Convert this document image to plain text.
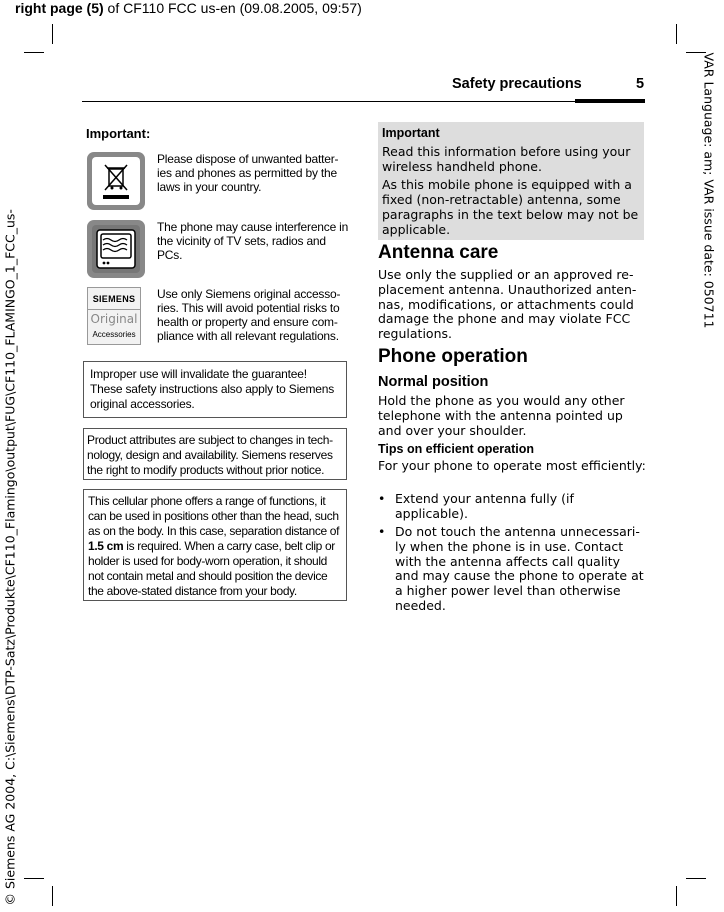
right page (5) of CF110 FCC us-en (09.08.2005, 09:57)
© Siemens AG 2004, C:\Siemens\DTP-Satz\Produkte\CF110_Flamingo\output\FUG\CF110_FLAMINGO_1_FCC_us-
VAR Language: am; VAR issue date: 050711
Safety precautions	5
Important:
Please dispose of unwanted batter-ies and phones as permitted by the laws in your country.
The phone may cause interference in the vicinity of TV sets, radios and PCs.
SIEMENS
Original
Accessories
Use only Siemens original accesso-ries. This will avoid potential risks to health or property and ensure com-pliance with all relevant regulations.
Improper use will invalidate the guarantee! These safety instructions also apply to Siemens original accessories.
Product attributes are subject to changes in tech-nology, design and availability. Siemens reserves the right to modify products without prior notice.
This cellular phone offers a range of functions, it can be used in positions other than the head, such as on the body. In this case, separation distance of 1.5 cm is required. When a carry case, belt clip or holder is used for body-worn operation, it should not contain metal and should position the device the above-stated distance from your body.
Important

Read this information before using your wireless handheld phone.

As this mobile phone is equipped with a fixed (non-retractable) antenna, some paragraphs in the text below may not be applicable.

Antenna care
Use only the supplied or an approved re-placement antenna. Unauthorized anten-nas, modifications, or attachments could damage the phone and may violate FCC regulations.
Phone operation
Normal position
Hold the phone as you would any other telephone with the antenna pointed up and over your shoulder.
Tips on efficient operation
For your phone to operate most efficiently:
• Extend your antenna fully (if applicable).
• Do not touch the antenna unnecessari-ly when the phone is in use. Contact with the antenna affects call quality and may cause the phone to operate at a higher power level than otherwise needed.
